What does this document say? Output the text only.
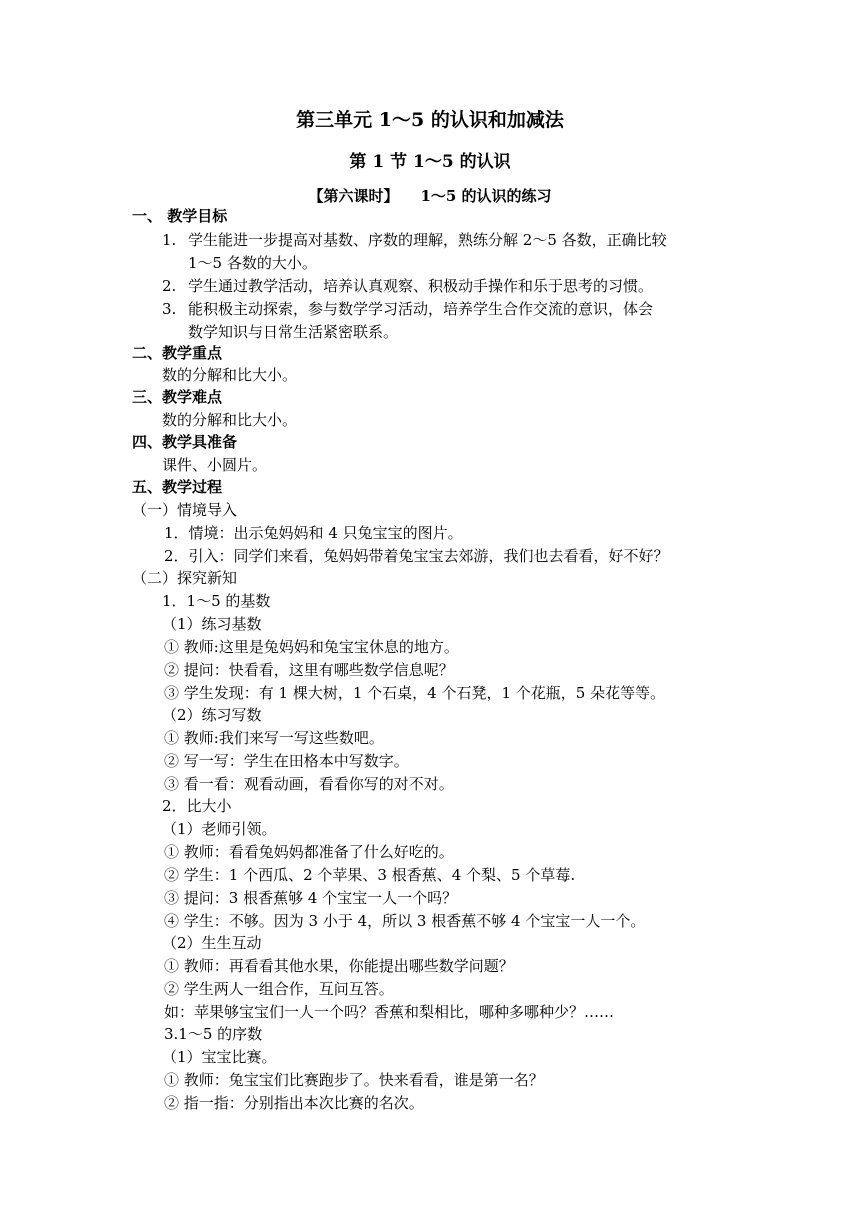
第三单元 1～5 的认识和加减法
第 1 节 1～5 的认识
【第六课时】 1～5 的认识的练习
一、 教学目标
1. 学生能进一步提高对基数、序数的理解，熟练分解 2～5 各数，正确比较
1～5 各数的大小。
2. 学生通过教学活动，培养认真观察、积极动手操作和乐于思考的习惯。
3. 能积极主动探索，参与数学学习活动，培养学生合作交流的意识，体会
数学知识与日常生活紧密联系。
二、教学重点
数的分解和比大小。
三、教学难点
数的分解和比大小。
四、教学具准备
课件、小圆片。
五、教学过程
（一）情境导入
1．情境：出示兔妈妈和 4 只兔宝宝的图片。
2．引入：同学们来看，兔妈妈带着兔宝宝去郊游，我们也去看看，好不好？
（二）探究新知
1．1～5 的基数
（1）练习基数
① 教师:这里是兔妈妈和兔宝宝休息的地方。
② 提问：快看看，这里有哪些数学信息呢？
③ 学生发现：有 1 棵大树，1 个石桌，4 个石凳，1 个花瓶，5 朵花等等。
（2）练习写数
① 教师:我们来写一写这些数吧。
② 写一写：学生在田格本中写数字。
③ 看一看：观看动画，看看你写的对不对。
2．比大小
（1）老师引领。
① 教师：看看兔妈妈都准备了什么好吃的。
② 学生：1 个西瓜、2 个苹果、3 根香蕉、4 个梨、5 个草莓.
③ 提问：3 根香蕉够 4 个宝宝一人一个吗？
④ 学生：不够。因为 3 小于 4，所以 3 根香蕉不够 4 个宝宝一人一个。
（2）生生互动
① 教师：再看看其他水果，你能提出哪些数学问题？
② 学生两人一组合作，互问互答。
如：苹果够宝宝们一人一个吗？香蕉和梨相比，哪种多哪种少？……
3.1～5 的序数
（1）宝宝比赛。
① 教师：兔宝宝们比赛跑步了。快来看看，谁是第一名？
② 指一指：分别指出本次比赛的名次。
